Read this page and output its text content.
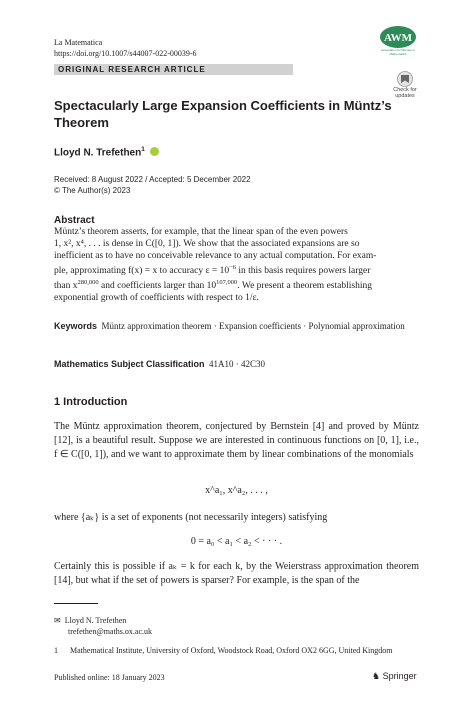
La Matematica
https://doi.org/10.1007/s44007-022-00039-6
AWM
Association for Women in Mathematics
Check for updates
ORIGINAL RESEARCH ARTICLE
Spectacularly Large Expansion Coefficients in Müntz’s Theorem
Lloyd N. Trefethen$^1$
Received: 8 August 2022 / Accepted: 5 December 2022
© The Author(s) 2023
Abstract
Müntz’s theorem asserts, for example, that the linear span of the even powers
1, x², x⁴, . . . is dense in C([0, 1]). We show that the associated expansions are so
inefficient as to have no conceivable relevance to any actual computation. For exam-
ple, approximating f(x) = x to accuracy $\varepsilon = 10^{-6}$ in this basis requires powers larger
than $x^{280,000}$ and coefficients larger than 10$^{107,000}$. We present a theorem establishing
exponential growth of coefficients with respect to 1/ε.
Keywords Müntz approximation theorem · Expansion coefficients · Polynomial approximation
Mathematics Subject Classification 41A10 · 42C30
1 Introduction
The Müntz approximation theorem, conjectured by Bernstein [4] and proved by Müntz [12], is a beautiful result. Suppose we are interested in continuous functions on [0, 1], i.e., f ∈ C([0, 1]), and we want to approximate them by linear combinations of the monomials
x^a₁, x^a₂, . . . ,
where {aₖ} is a set of exponents (not necessarily integers) satisfying
0 = a₀ < a₁ < a₂ < · · · .
Certainly this is possible if aₖ = k for each k, by the Weierstrass approximation theorem [14], but what if the set of powers is sparser? For example, is the span of the
✉ Lloyd N. Trefethen
trefethen@maths.ox.ac.uk
1 Mathematical Institute, University of Oxford, Woodstock Road, Oxford OX2 6GG, United Kingdom
Published online: 18 January 2023	♞ Springer
